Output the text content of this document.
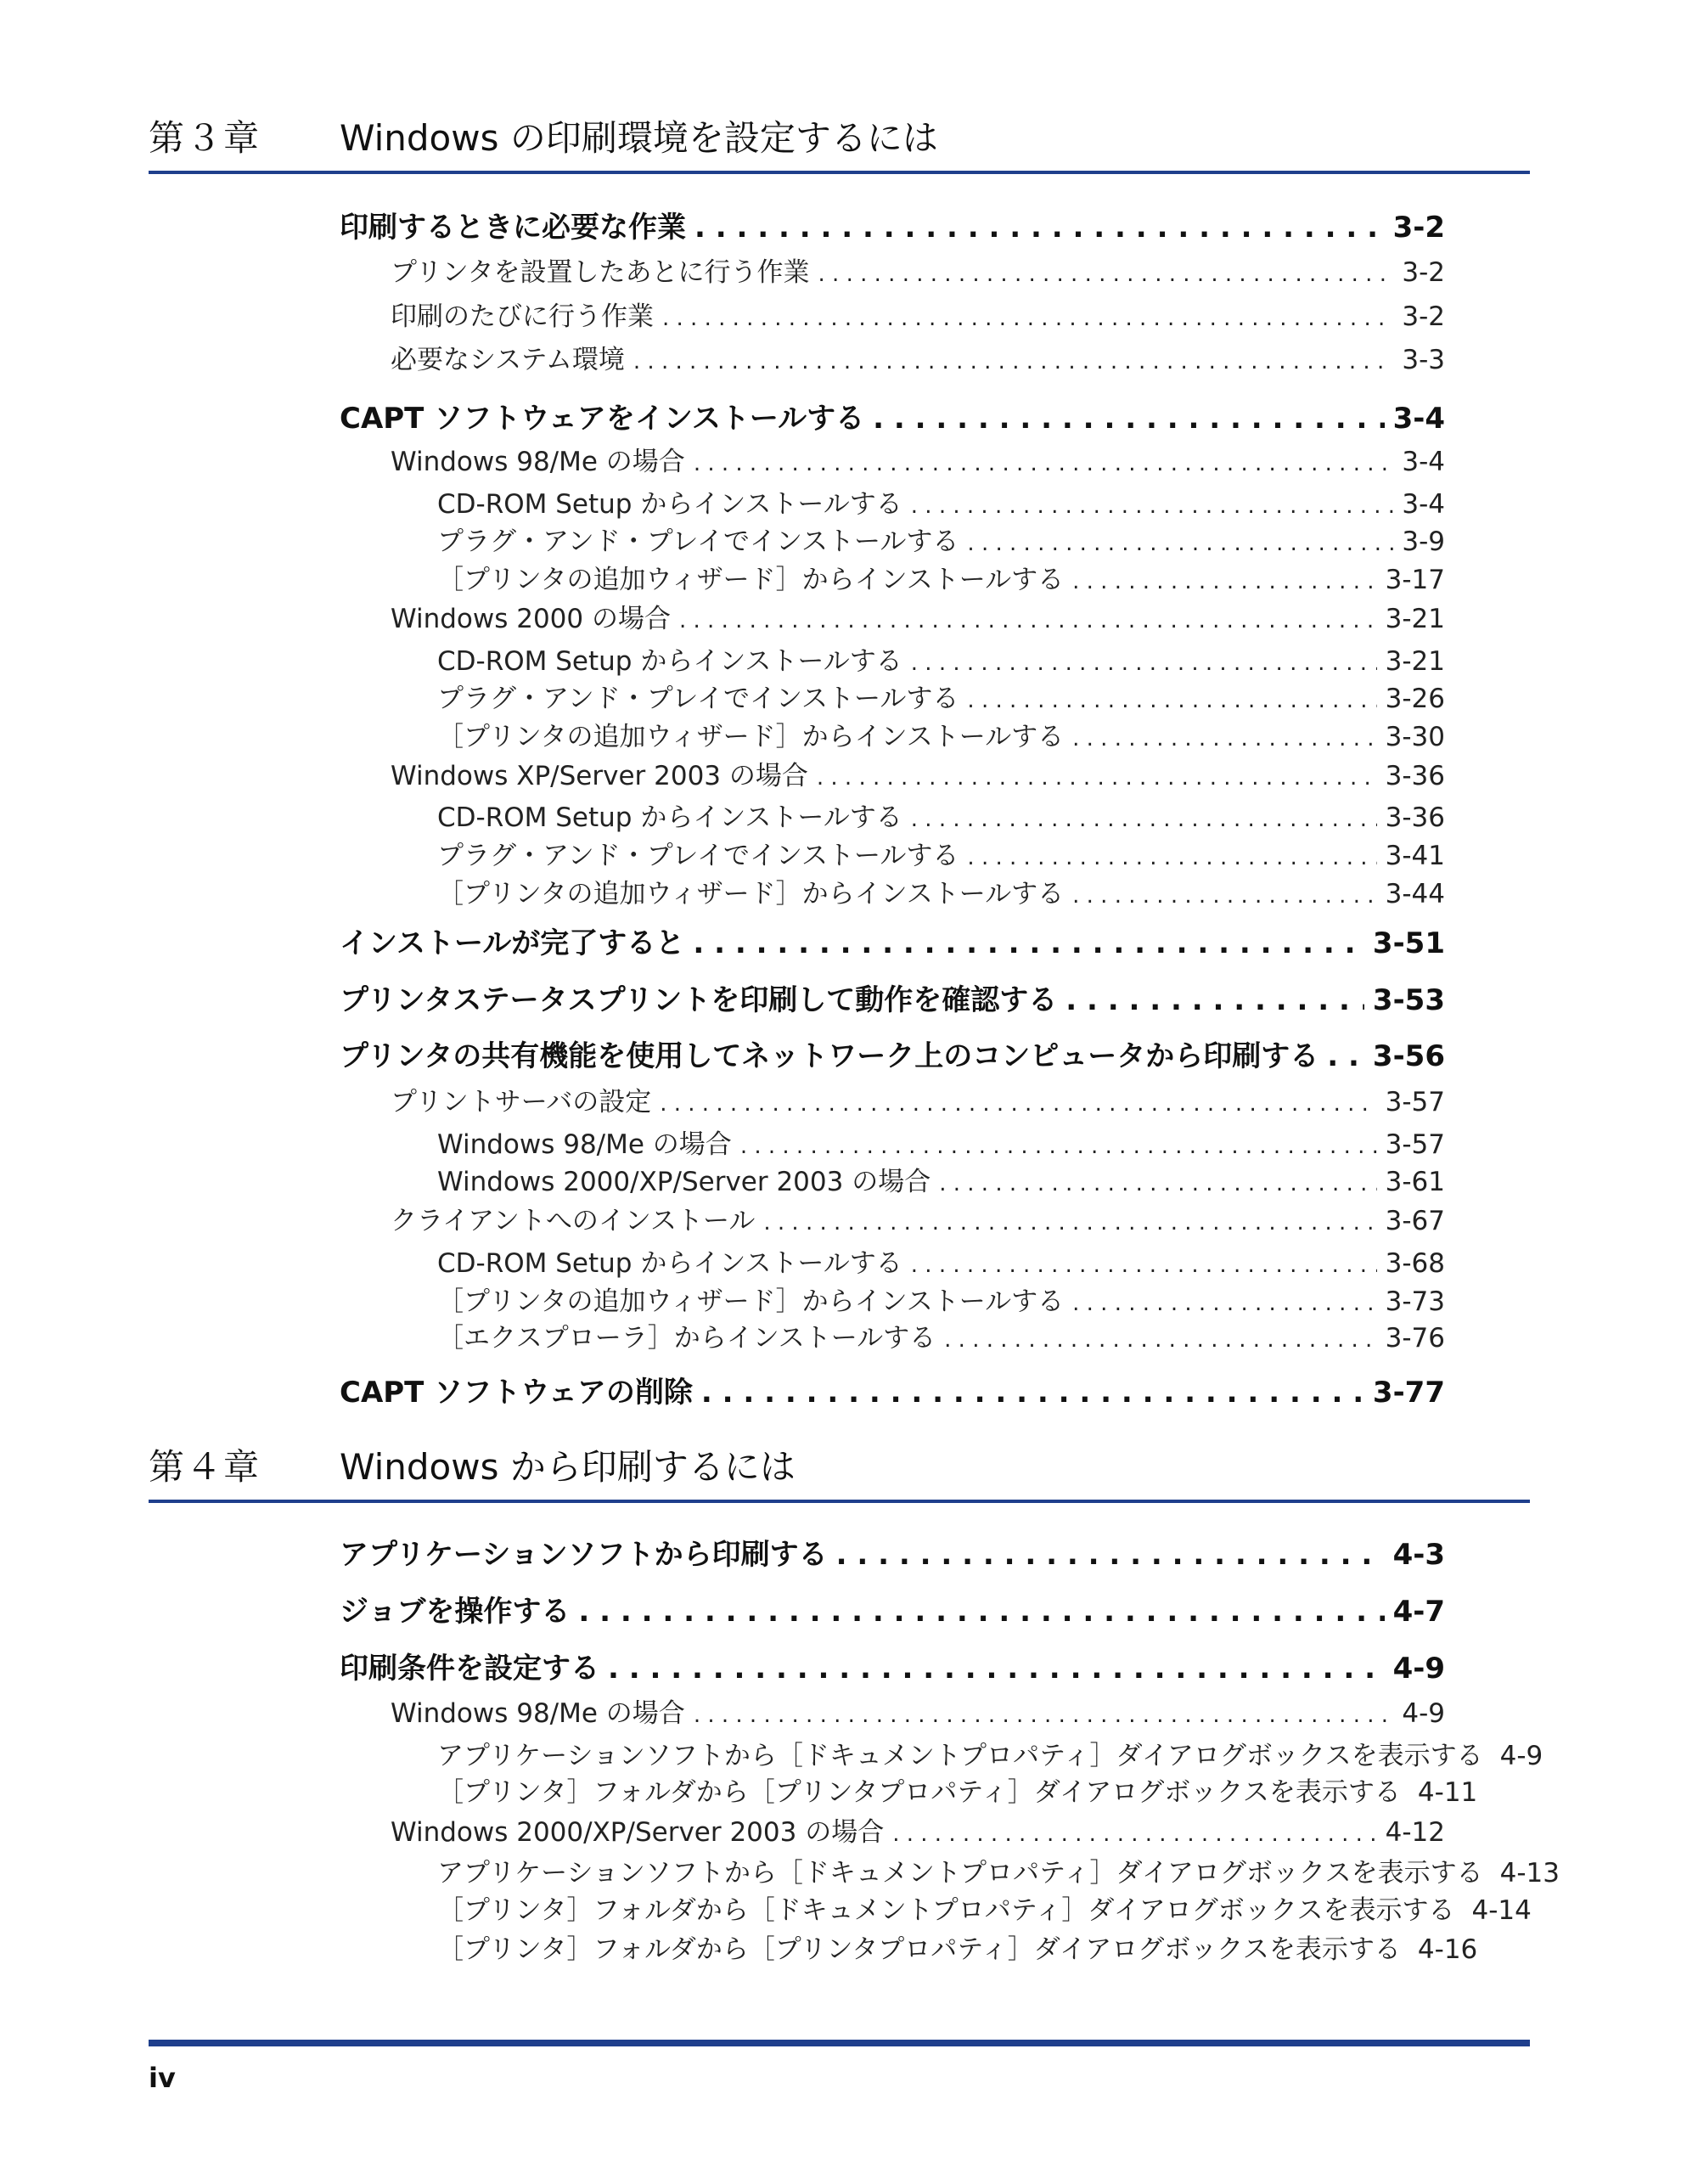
第３章 Windows の印刷環境を設定するには
印刷するときに必要な作業 . . .	3-2
プリンタを設置したあとに行う作業 . . .	3-2
印刷のたびに行う作業 . . .	3-2
必要なシステム環境 . . .	3-3
CAPT ソフトウェアをインストールする . . .	3-4
Windows 98/Me の場合 . . .	3-4
CD-ROM Setup からインストールする . . .	3-4
プラグ・アンド・プレイでインストールする . . .	3-9
［プリンタの追加ウィザード］からインストールする . . .	3-17
Windows 2000 の場合 . . .	3-21
CD-ROM Setup からインストールする . . .	3-21
プラグ・アンド・プレイでインストールする . . .	3-26
［プリンタの追加ウィザード］からインストールする . . .	3-30
Windows XP/Server 2003 の場合 . . .	3-36
CD-ROM Setup からインストールする . . .	3-36
プラグ・アンド・プレイでインストールする . . .	3-41
［プリンタの追加ウィザード］からインストールする . . .	3-44
インストールが完了すると . . .	3-51
プリンタステータスプリントを印刷して動作を確認する . . .	3-53
プリンタの共有機能を使用してネットワーク上のコンピュータから印刷する . . . 3-56
プリントサーバの設定 . . .	3-57
Windows 98/Me の場合 . . .	3-57
Windows 2000/XP/Server 2003 の場合 . . .	3-61
クライアントへのインストール . . .	3-67
CD-ROM Setup からインストールする . . .	3-68
［プリンタの追加ウィザード］からインストールする . . .	3-73
［エクスプローラ］からインストールする . . .	3-76
CAPT ソフトウェアの削除 . . .	3-77
第４章 Windows から印刷するには
アプリケーションソフトから印刷する . . .	4-3
ジョブを操作する . . .	4-7
印刷条件を設定する . . .	4-9
Windows 98/Me の場合 . . .	4-9
アプリケーションソフトから［ドキュメントプロパティ］ダイアログボックスを表示する 4-9
［プリンタ］フォルダから［プリンタプロパティ］ダイアログボックスを表示する 4-11
Windows 2000/XP/Server 2003 の場合 . . .	4-12
アプリケーションソフトから［ドキュメントプロパティ］ダイアログボックスを表示する 4-13
［プリンタ］フォルダから［ドキュメントプロパティ］ダイアログボックスを表示する 4-14
［プリンタ］フォルダから［プリンタプロパティ］ダイアログボックスを表示する 4-16
iv
